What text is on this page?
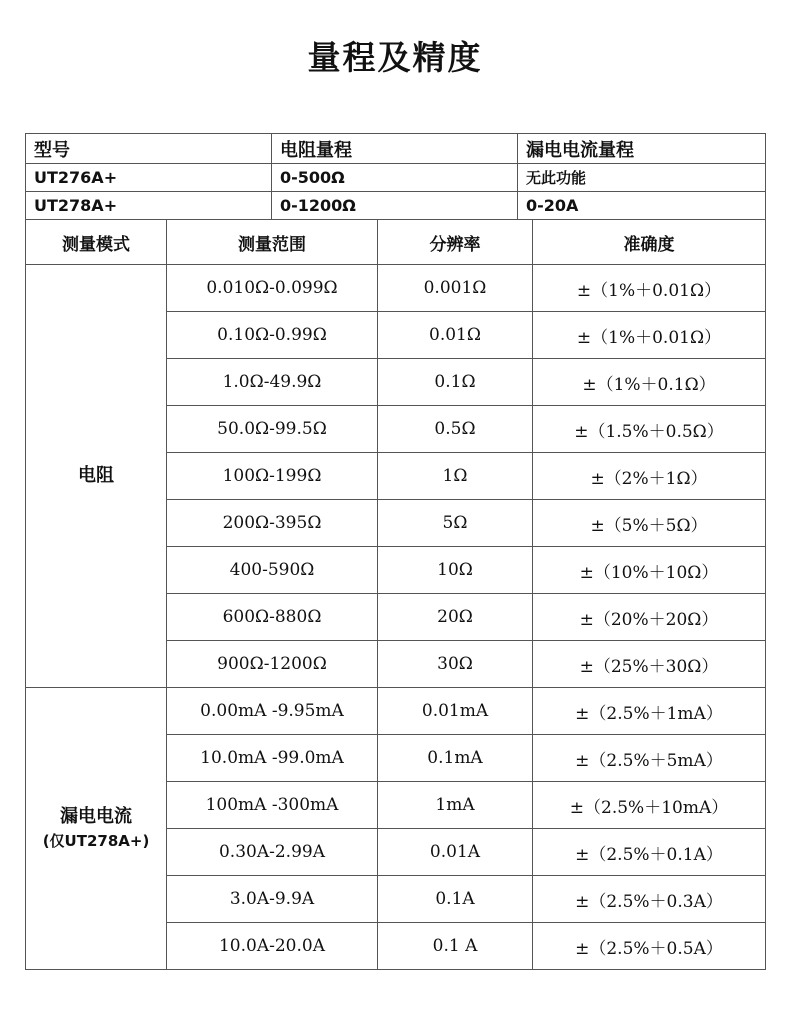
量程及精度
型号	电阻量程	漏电电流量程
UT276A+	0-500Ω	无此功能
UT278A+	0-1200Ω	0-20A
测量模式	测量范围	分辨率	准确度
电阻	0.010Ω-0.099Ω	0.001Ω	±（1%＋0.01Ω）
	0.10Ω-0.99Ω	0.01Ω	±（1%＋0.01Ω）
	1.0Ω-49.9Ω	0.1Ω	±（1%＋0.1Ω）
	50.0Ω-99.5Ω	0.5Ω	±（1.5%＋0.5Ω）
	100Ω-199Ω	1Ω	±（2%＋1Ω）
	200Ω-395Ω	5Ω	±（5%＋5Ω）
	400-590Ω	10Ω	±（10%＋10Ω）
	600Ω-880Ω	20Ω	±（20%＋20Ω）
	900Ω-1200Ω	30Ω	±（25%＋30Ω）
漏电电流
(仅UT278A+)	0.00mA -9.95mA	0.01mA	±（2.5%＋1mA）
	10.0mA -99.0mA	0.1mA	±（2.5%＋5mA）
	100mA -300mA	1mA	±（2.5%＋10mA）
	0.30A-2.99A	0.01A	±（2.5%＋0.1A）
	3.0A-9.9A	0.1A	±（2.5%＋0.3A）
	10.0A-20.0A	0.1 A	±（2.5%＋0.5A）
